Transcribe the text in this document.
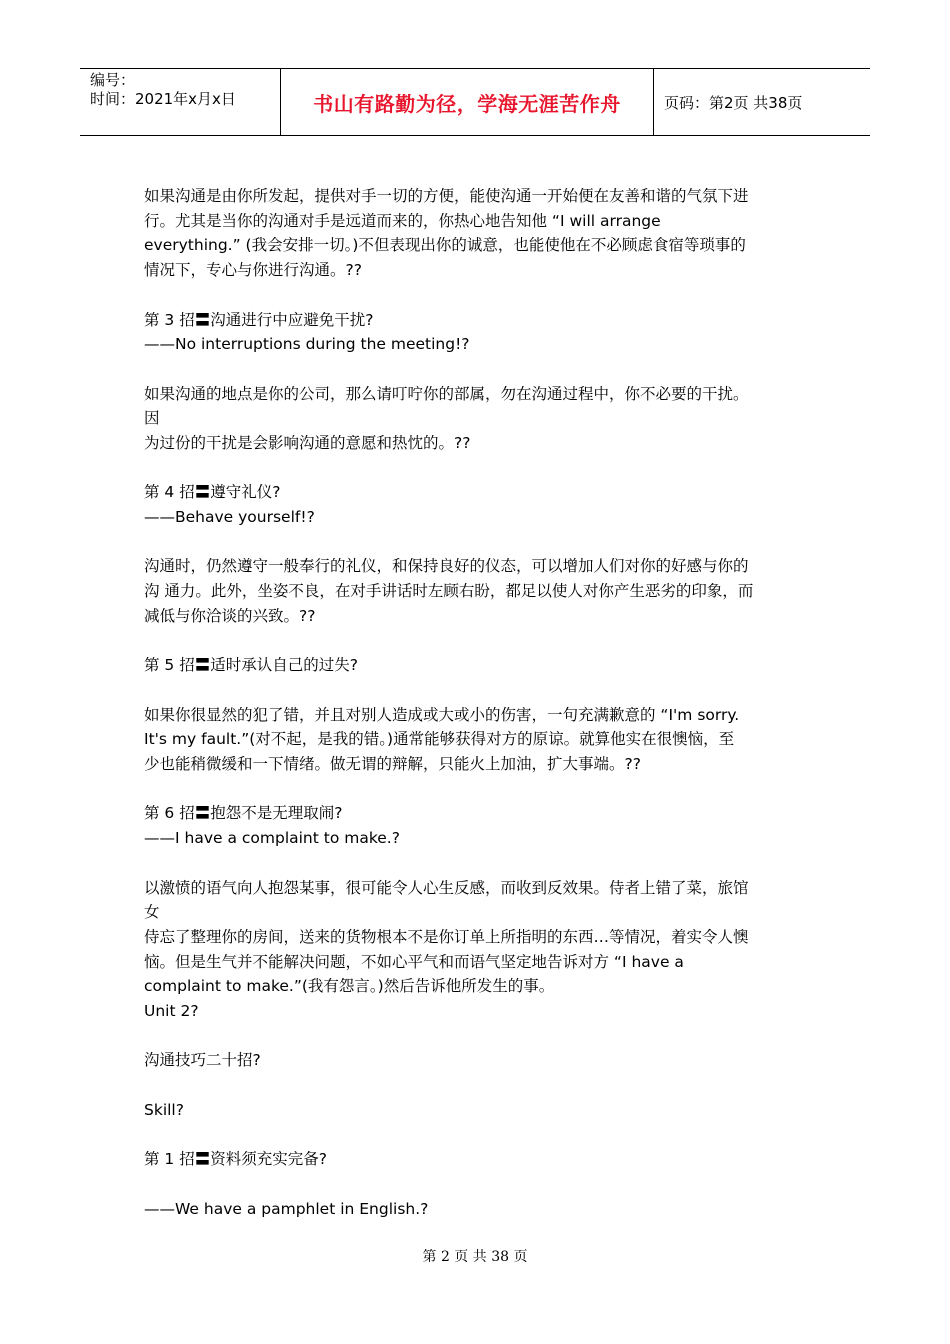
编号：
时间：2021年x月x日	书山有路勤为径，学海无涯苦作舟	页码：第2页 共38页
如果沟通是由你所发起，提供对手一切的方便，能使沟通一开始便在友善和谐的气氛下进
行。尤其是当你的沟通对手是远道而来的，你热心地告知他 “I will arrange
everything.” (我会安排一切。)不但表现出你的诚意，也能使他在不必顾虑食宿等琐事的
情况下，专心与你进行沟通。??
第 3 招〓沟通进行中应避免干扰?
——No interruptions during the meeting!?
如果沟通的地点是你的公司，那么请叮咛你的部属，勿在沟通过程中，你不必要的干扰。
因
为过份的干扰是会影响沟通的意愿和热忱的。??
第 4 招〓遵守礼仪?
——Behave yourself!?
沟通时，仍然遵守一般奉行的礼仪，和保持良好的仪态，可以增加人们对你的好感与你的
沟 通力。此外，坐姿不良，在对手讲话时左顾右盼，都足以使人对你产生恶劣的印象，而
减低与你洽谈的兴致。??
第 5 招〓适时承认自己的过失?
如果你很显然的犯了错，并且对别人造成或大或小的伤害，一句充满歉意的 “I'm sorry.
It's my fault.”(对不起，是我的错。)通常能够获得对方的原谅。就算他实在很懊恼，至
少也能稍微缓和一下情绪。做无谓的辩解，只能火上加油，扩大事端。??
第 6 招〓抱怨不是无理取闹?
——I have a complaint to make.?
以激愤的语气向人抱怨某事，很可能令人心生反感，而收到反效果。侍者上错了菜，旅馆
女
侍忘了整理你的房间，送来的货物根本不是你订单上所指明的东西…等情况，着实令人懊
恼。但是生气并不能解决问题，不如心平气和而语气坚定地告诉对方 “I have a
complaint to make.”(我有怨言。)然后告诉他所发生的事。
Unit 2?
沟通技巧二十招?
Skill?
第 1 招〓资料须充实完备?
——We have a pamphlet in English.?
第 2 页 共 38 页
